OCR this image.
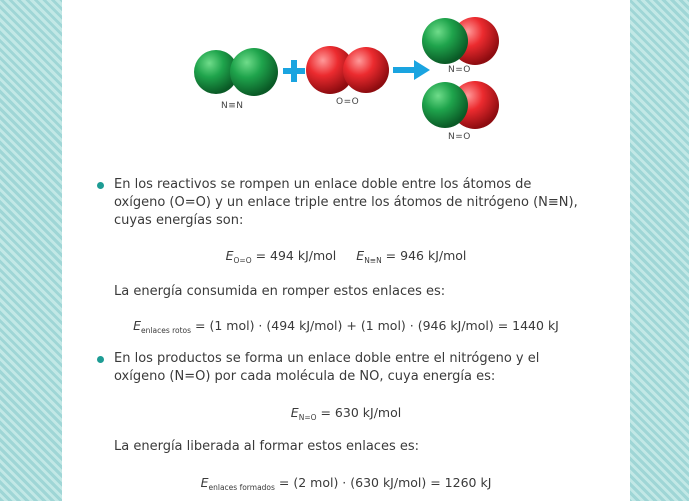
N≡N	O=O
N=O
N=O
En los reactivos se rompen un enlace doble entre los átomos de oxígeno (O=O) y un enlace triple entre los átomos de nitrógeno (N≡N), cuyas energías son:
$E_{O=O} = 494$ kJ/mol $E_{N\equiv N} = 946$ kJ/mol
La energía consumida en romper estos enlaces es:
$E_{enlaces rotos} = (1$ mol) · (494 kJ/mol) + (1 mol) · (946 kJ/mol) = 1440 kJ
En los productos se forma un enlace doble entre el nitrógeno y el oxígeno (N=O) por cada molécula de NO, cuya energía es:
$E_{N=O} = 630$ kJ/mol
La energía liberada al formar estos enlaces es:
$E_{enlaces formados} = (2$ mol) · (630 kJ/mol) = 1260 kJ
